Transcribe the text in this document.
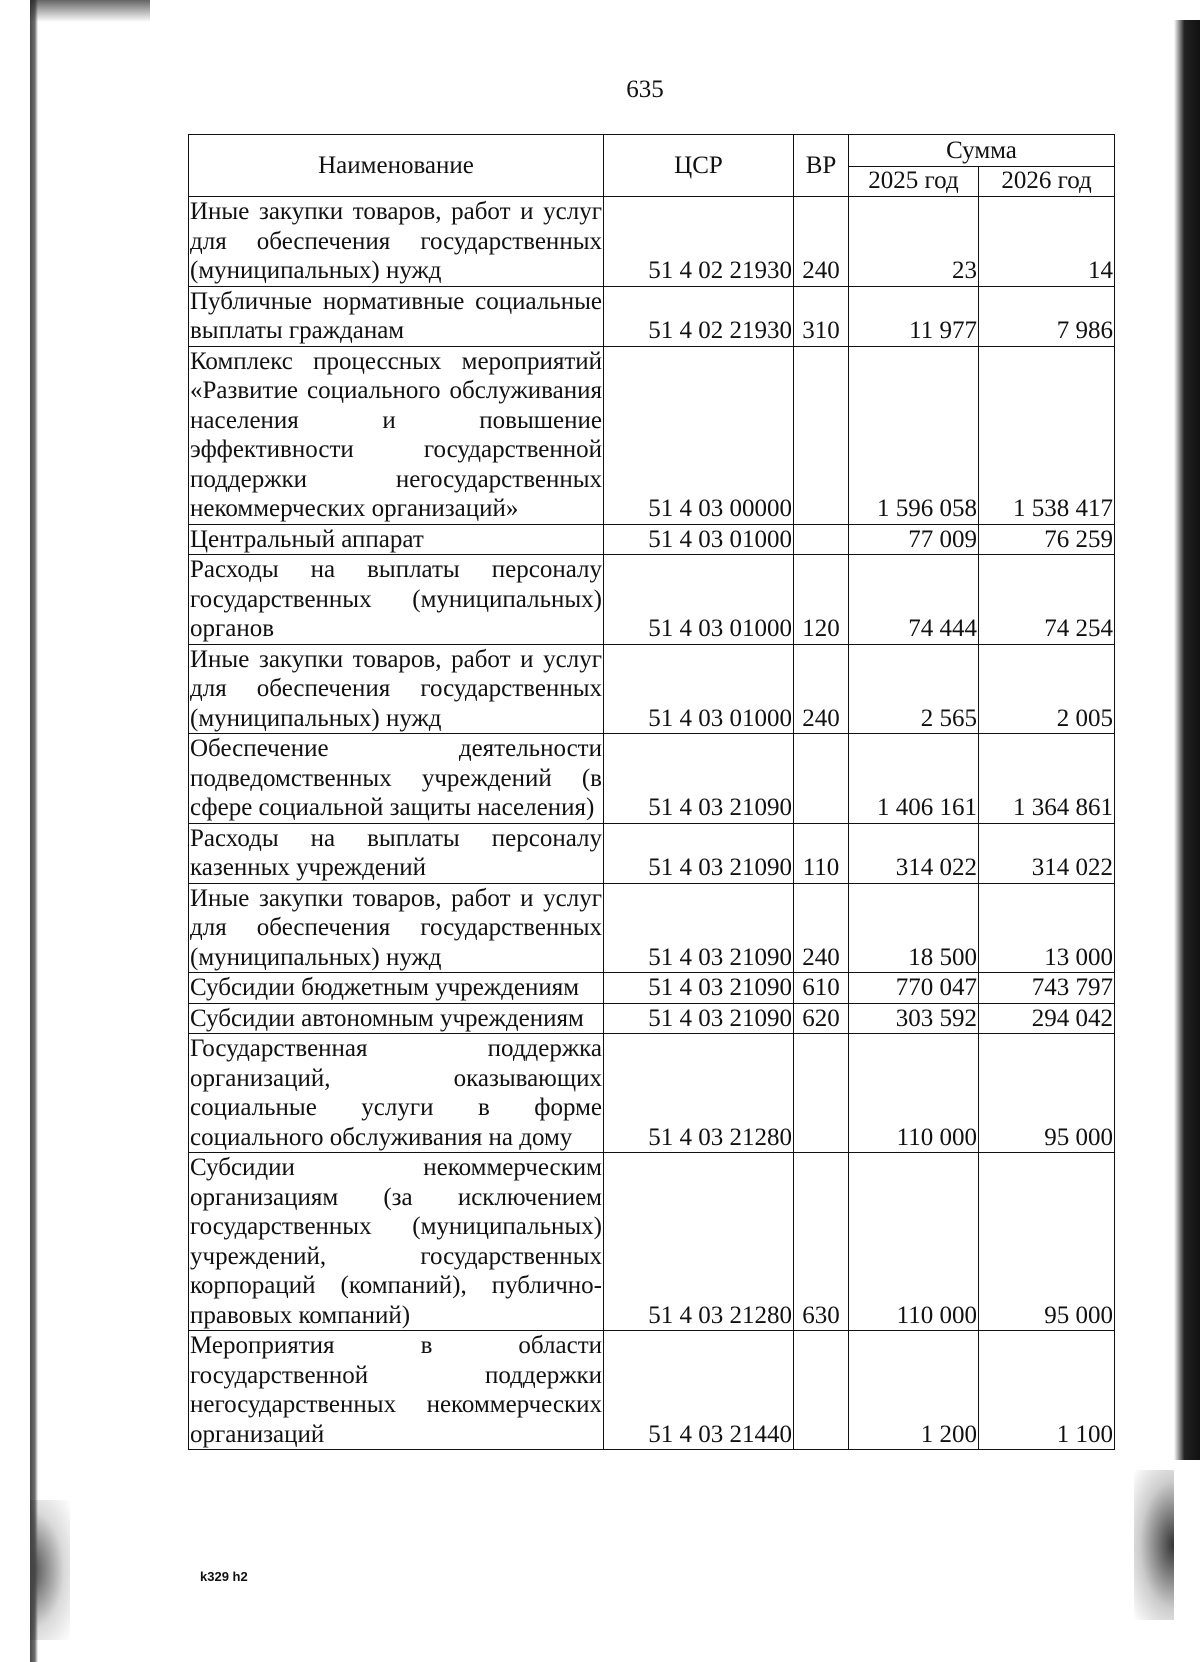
635
Наименование	ЦСР	ВР	Сумма	
			2025 год	2026 год
Иные закупки товаров, работ и услуг для обеспечения государственных (муниципальных) нужд	51 4 02 21930	240	23	14
Публичные нормативные социальные выплаты гражданам	51 4 02 21930	310	11 977	7 986
Комплекс процессных мероприятий «Развитие социального обслуживания населения и повышение эффективности государственной поддержки негосударственных некоммерческих организаций»	51 4 03 00000		1 596 058	1 538 417
Центральный аппарат	51 4 03 01000		77 009	76 259
Расходы на выплаты персоналу государственных (муниципальных) органов	51 4 03 01000	120	74 444	74 254
Иные закупки товаров, работ и услуг для обеспечения государственных (муниципальных) нужд	51 4 03 01000	240	2 565	2 005
Обеспечение деятельности подведомственных учреждений (в сфере социальной защиты населения)	51 4 03 21090		1 406 161	1 364 861
Расходы на выплаты персоналу казенных учреждений	51 4 03 21090	110	314 022	314 022
Иные закупки товаров, работ и услуг для обеспечения государственных (муниципальных) нужд	51 4 03 21090	240	18 500	13 000
Субсидии бюджетным учреждениям	51 4 03 21090	610	770 047	743 797
Субсидии автономным учреждениям	51 4 03 21090	620	303 592	294 042
Государственная поддержка организаций, оказывающих социальные услуги в форме социального обслуживания на дому	51 4 03 21280		110 000	95 000
Субсидии некоммерческим организациям (за исключением государственных (муниципальных) учреждений, государственных корпораций (компаний), публично-правовых компаний)	51 4 03 21280	630	110 000	95 000
Мероприятия в области государственной поддержки негосударственных некоммерческих организаций	51 4 03 21440		1 200	1 100
k329 h2
